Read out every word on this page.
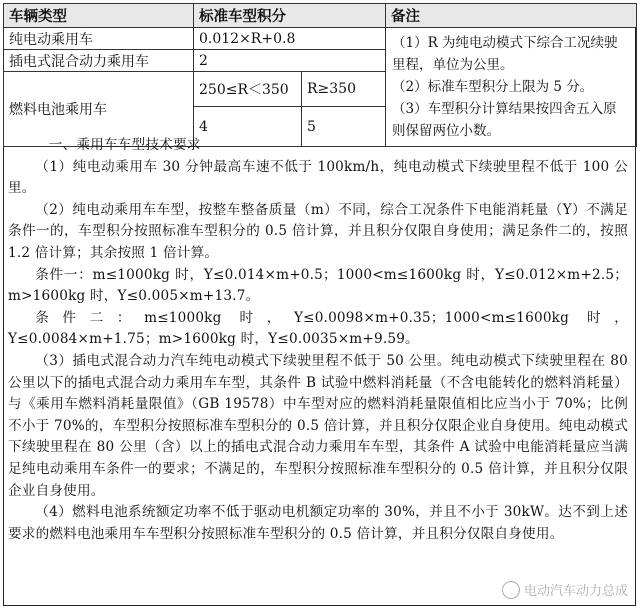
车辆类型	标准车型积分		备注
纯电动乘用车	0.012×R+0.8		（1）R 为纯电动模式下综合工况续驶里程，单位为公里。
（2）标准车型积分上限为 5 分。
（3）车型积分计算结果按四舍五入原则保留两位小数。

插电式混合动力乘用车	2		
燃料电池乘用车	250≤R＜350	R≥350	
	4	5	

一、乘用车车型技术要求

（1）纯电动乘用车 30 分钟最高车速不低于 100km/h，纯电动模式下续驶里程不低于 100 公里。

（2）纯电动乘用车车型，按整车整备质量（m）不同，综合工况条件下电能消耗量（Y）不满足条件一的，车型积分按照标准车型积分的 0.5 倍计算，并且积分仅限自身使用；满足条件二的，按照 1.2 倍计算；其余按照 1 倍计算。

条件一：m≤1000kg 时，Y≤0.014×m+0.5；1000<m≤1600kg 时，Y≤0.012×m+2.5；m>1600kg 时，Y≤0.005×m+13.7。

条件二：m≤1000kg 时，Y≤0.0098×m+0.35；1000<m≤1600kg 时，Y≤0.0084×m+1.75；m>1600kg 时，Y≤0.0035×m+9.59。

（3）插电式混合动力汽车纯电动模式下续驶里程不低于 50 公里。纯电动模式下续驶里程在 80 公里以下的插电式混合动力乘用车车型，其条件 B 试验中燃料消耗量（不含电能转化的燃料消耗量）与《乘用车燃料消耗量限值》（GB 19578）中车型对应的燃料消耗量限值相比应当小于 70%；比例不小于 70%的，车型积分按照标准车型积分的 0.5 倍计算，并且积分仅限企业自身使用。纯电动模式下续驶里程在 80 公里（含）以上的插电式混合动力乘用车车型，其条件 A 试验中电能消耗量应当满足纯电动乘用车条件一的要求；不满足的，车型积分按照标准车型积分的 0.5 倍计算，并且积分仅限企业自身使用。

（4）燃料电池系统额定功率不低于驱动电机额定功率的 30%，并且不小于 30kW。达不到上述要求的燃料电池乘用车车型积分按照标准车型积分的 0.5 倍计算，并且积分仅限自身使用。

电动汽车动力总成
